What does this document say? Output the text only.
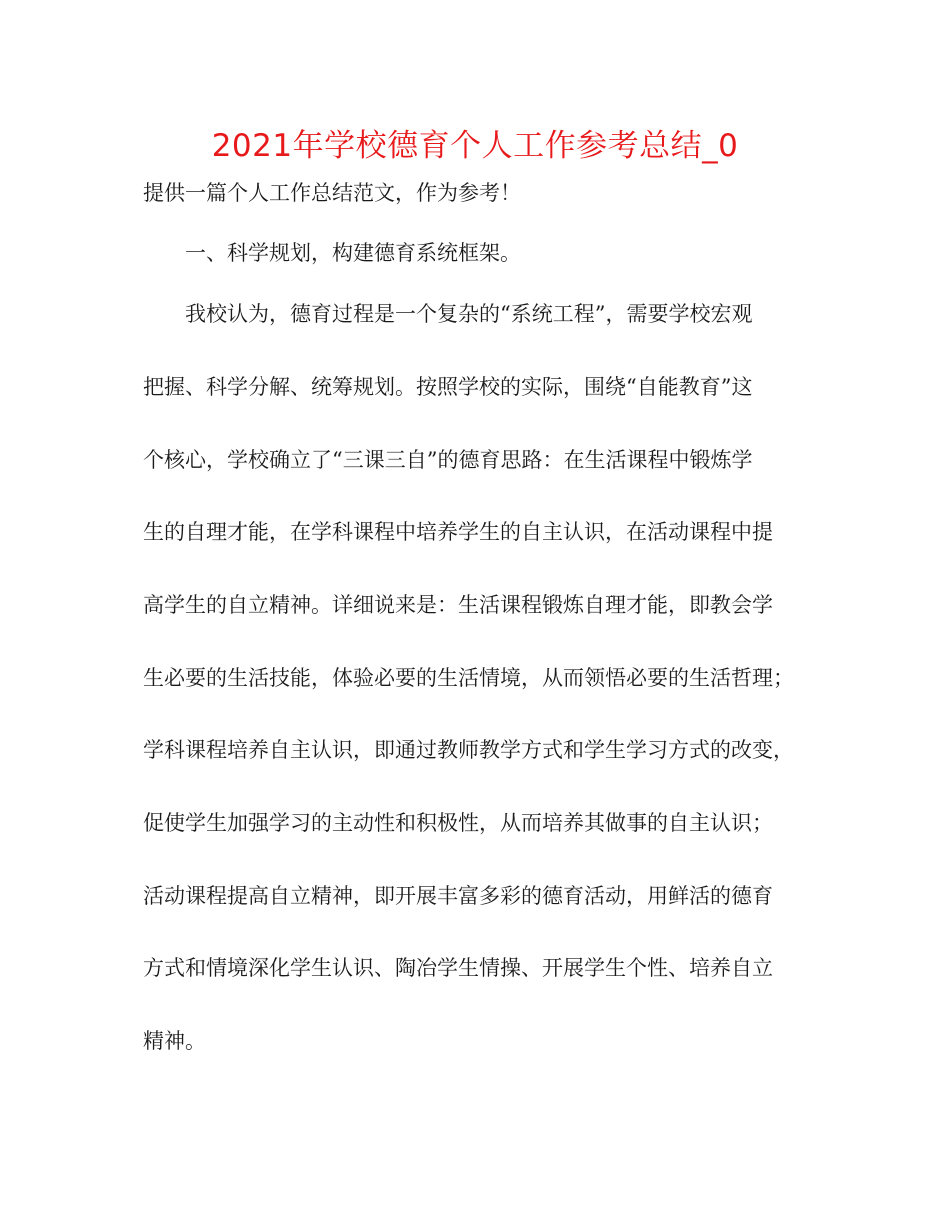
2021年学校德育个人工作参考总结_0
提供一篇个人工作总结范文，作为参考！
一、科学规划，构建德育系统框架。
我校认为，德育过程是一个复杂的“系统工程”，需要学校宏观
把握、科学分解、统筹规划。按照学校的实际，围绕“自能教育”这
个核心，学校确立了“三课三自”的德育思路：在生活课程中锻炼学
生的自理才能，在学科课程中培养学生的自主认识，在活动课程中提
高学生的自立精神。详细说来是：生活课程锻炼自理才能，即教会学
生必要的生活技能，体验必要的生活情境，从而领悟必要的生活哲理；
学科课程培养自主认识，即通过教师教学方式和学生学习方式的改变，
促使学生加强学习的主动性和积极性，从而培养其做事的自主认识；
活动课程提高自立精神，即开展丰富多彩的德育活动，用鲜活的德育
方式和情境深化学生认识、陶冶学生情操、开展学生个性、培养自立
精神。
